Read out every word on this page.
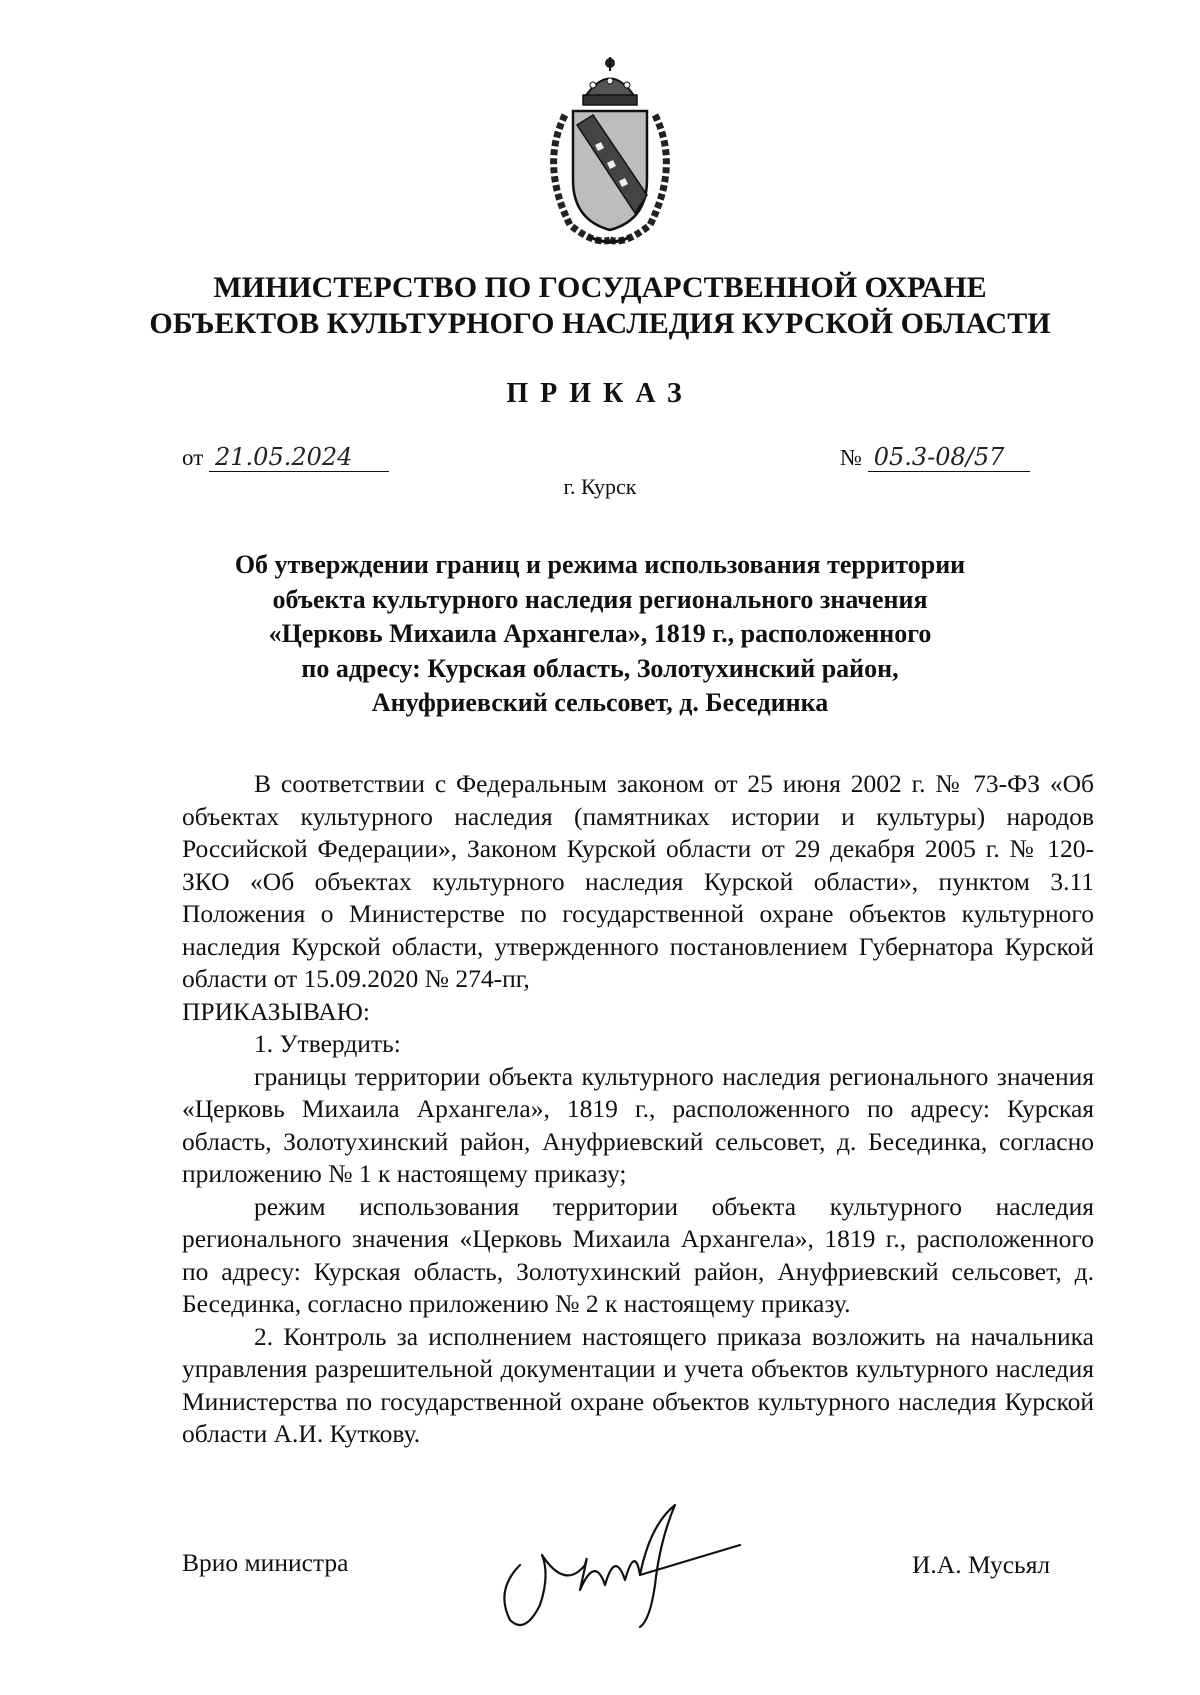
МИНИСТЕРСТВО ПО ГОСУДАРСТВЕННОЙ ОХРАНЕ
ОБЪЕКТОВ КУЛЬТУРНОГО НАСЛЕДИЯ КУРСКОЙ ОБЛАСТИ
ПРИКАЗ
от 21.05.2024	№ 05.3-08/57
г. Курск
Об утверждении границ и режима использования территории
объекта культурного наследия регионального значения
«Церковь Михаила Архангела», 1819 г., расположенного
по адресу: Курская область, Золотухинский район,
Ануфриевский сельсовет, д. Бесединка

В соответствии с Федеральным законом от 25 июня 2002 г. № 73-ФЗ «Об объектах культурного наследия (памятниках истории и культуры) народов Российской Федерации», Законом Курской области от 29 декабря 2005 г. № 120-ЗКО «Об объектах культурного наследия Курской области», пунктом 3.11 Положения о Министерстве по государственной охране объектов культурного наследия Курской области, утвержденного постановлением Губернатора Курской области от 15.09.2020 № 274-пг,

ПРИКАЗЫВАЮ:

1. Утвердить:

границы территории объекта культурного наследия регионального значения «Церковь Михаила Архангела», 1819 г., расположенного по адресу: Курская область, Золотухинский район, Ануфриевский сельсовет, д. Бесединка, согласно приложению № 1 к настоящему приказу;

режим использования территории объекта культурного наследия регионального значения «Церковь Михаила Архангела», 1819 г., расположенного по адресу: Курская область, Золотухинский район, Ануфриевский сельсовет, д. Бесединка, согласно приложению № 2 к настоящему приказу.

2. Контроль за исполнением настоящего приказа возложить на начальника управления разрешительной документации и учета объектов культурного наследия Министерства по государственной охране объектов культурного наследия Курской области А.И. Куткову.

Врио министра	И.А. Мусьял
